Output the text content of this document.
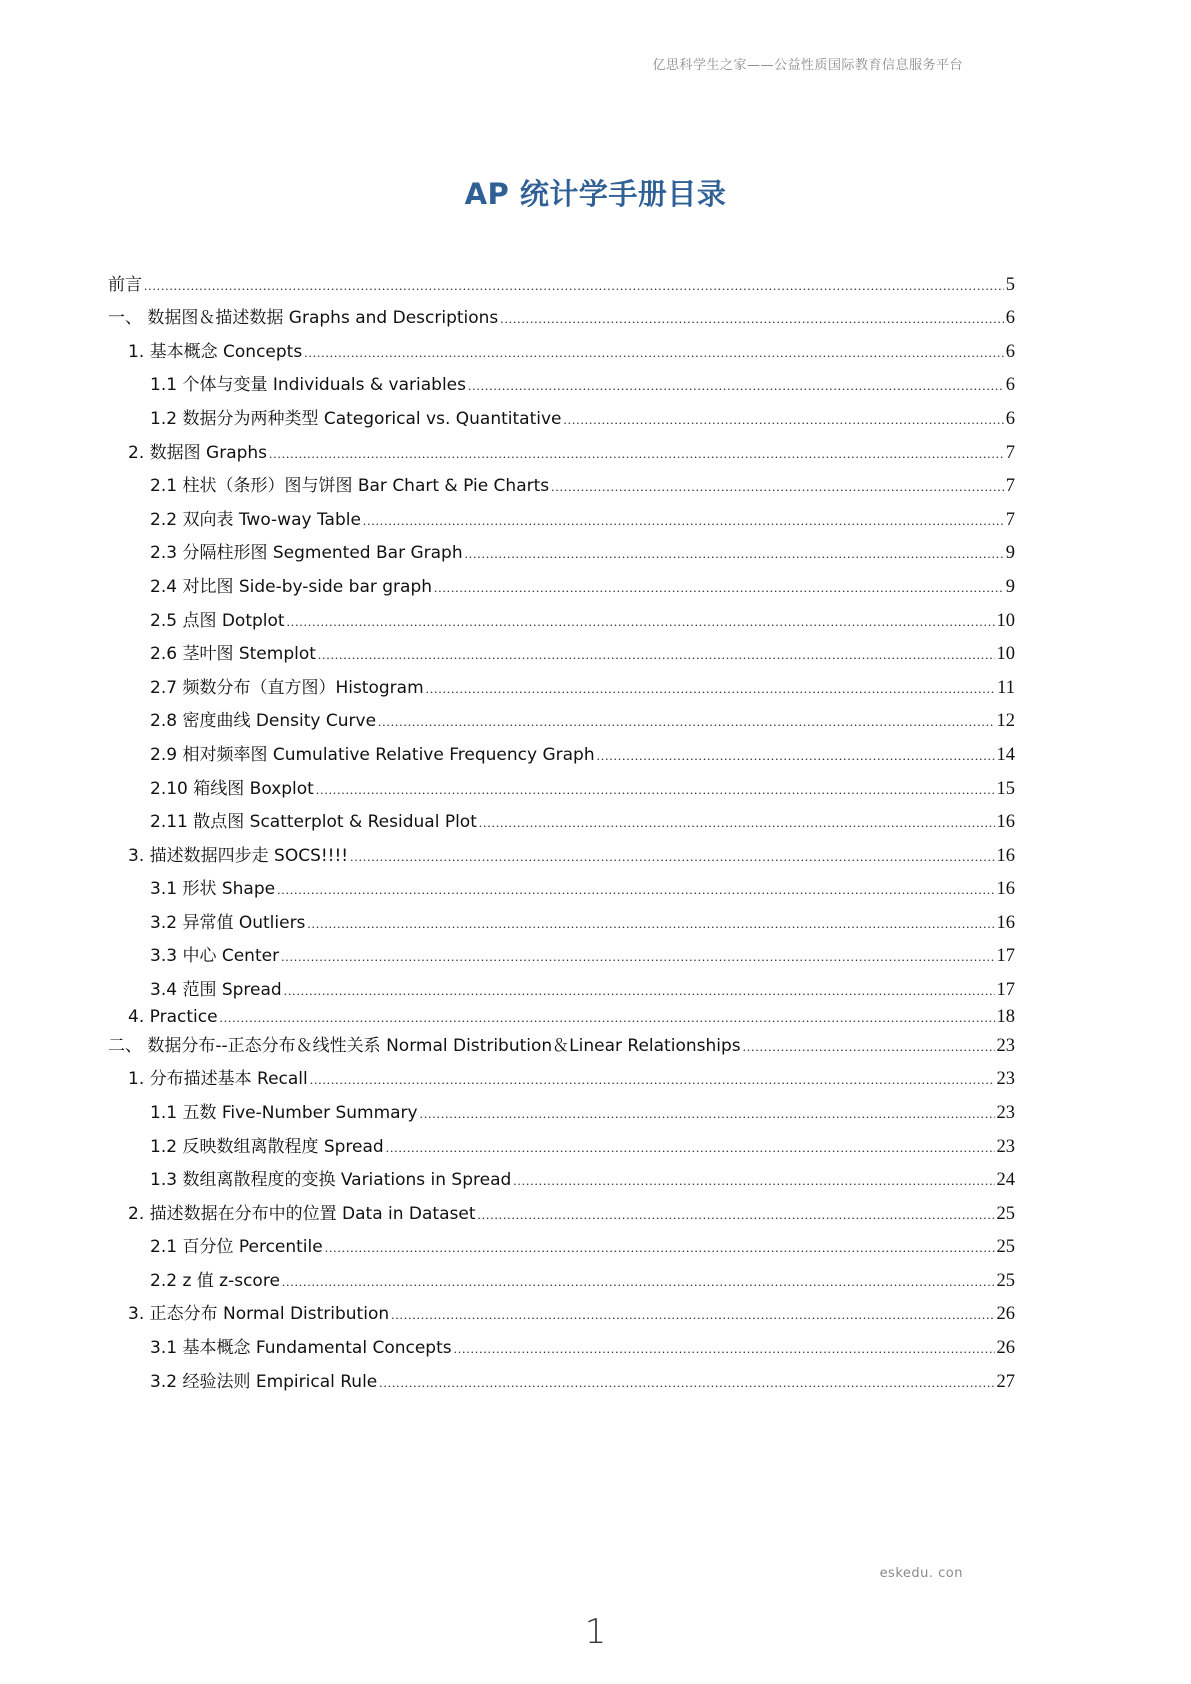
亿思科学生之家——公益性质国际教育信息服务平台
AP 统计学手册目录
前言 .....	5
一、 数据图＆描述数据 Graphs and Descriptions .....	6
1. 基本概念 Concepts .....	6
1.1 个体与变量 Individuals & variables .....	6
1.2 数据分为两种类型 Categorical vs. Quantitative .....	6
2. 数据图 Graphs .....	7
2.1 柱状（条形）图与饼图 Bar Chart & Pie Charts .....	7
2.2 双向表 Two-way Table .....	7
2.3 分隔柱形图 Segmented Bar Graph .....	9
2.4 对比图 Side-by-side bar graph .....	9
2.5 点图 Dotplot .....	10
2.6 茎叶图 Stemplot .....	10
2.7 频数分布（直方图）Histogram .....	11
2.8 密度曲线 Density Curve .....	12
2.9 相对频率图 Cumulative Relative Frequency Graph .....	14
2.10 箱线图 Boxplot .....	15
2.11 散点图 Scatterplot & Residual Plot .....	16
3. 描述数据四步走 SOCS!!!! .....	16
3.1 形状 Shape .....	16
3.2 异常值 Outliers .....	16
3.3 中心 Center .....	17
3.4 范围 Spread .....	17
4. Practice .....	18
二、 数据分布--正态分布＆线性关系 Normal Distribution＆Linear Relationships .....	23
1. 分布描述基本 Recall .....	23
1.1 五数 Five-Number Summary .....	23
1.2 反映数组离散程度 Spread .....	23
1.3 数组离散程度的变换 Variations in Spread .....	24
2. 描述数据在分布中的位置 Data in Dataset .....	25
2.1 百分位 Percentile .....	25
2.2 z 值 z-score .....	25
3. 正态分布 Normal Distribution .....	26
3.1 基本概念 Fundamental Concepts .....	26
3.2 经验法则 Empirical Rule .....	27
eskedu. con
1
